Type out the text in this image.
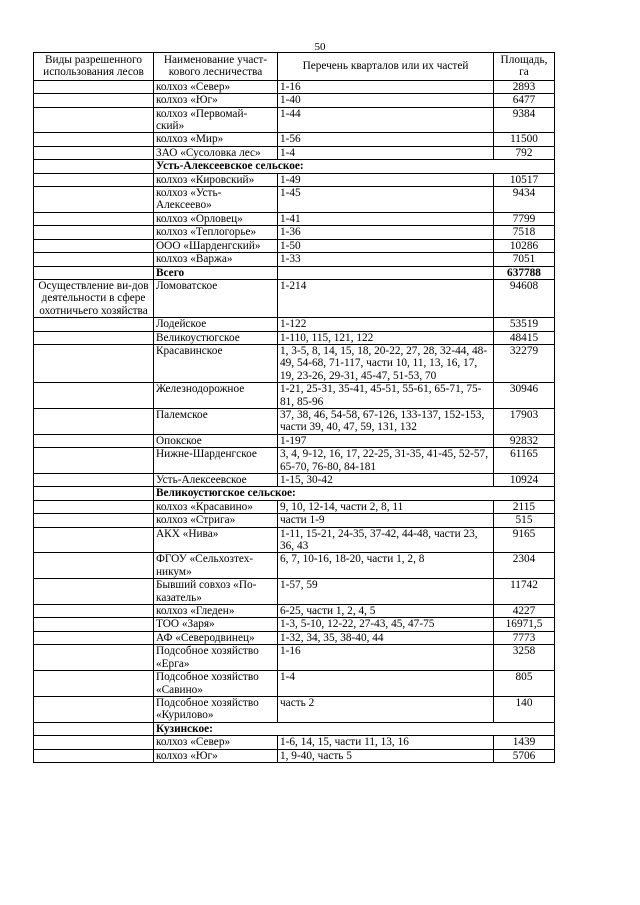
50
Виды разрешенного использования лесов	Наименование участ-кового лесничества	Перечень кварталов или их частей	Площадь, га
	колхоз «Север»	1-16	2893
	колхоз «Юг»	1-40	6477
	колхоз «Первомай-ский»	1-44	9384
	колхоз «Мир»	1-56	11500
	ЗАО «Сусоловка лес»	1-4	792
	Усть-Алексеевское сельское:		
	колхоз «Кировский»	1-49	10517
	колхоз «Усть-Алексеево»	1-45	9434
	колхоз «Орловец»	1-41	7799
	колхоз «Теплогорье»	1-36	7518
	ООО «Шарденгский»	1-50	10286
	колхоз «Варжа»	1-33	7051
	Всего		637788
Осуществление ви-дов деятельности в сфере охотничьего хозяйства	Ломоватское	1-214	94608
	Лодейское	1-122	53519
	Великоустюгское	1-110, 115, 121, 122	48415
	Красавинское	1, 3-5, 8, 14, 15, 18, 20-22, 27, 28, 32-44, 48-49, 54-68, 71-117, части 10, 11, 13, 16, 17, 19, 23-26, 29-31, 45-47, 51-53, 70	32279
	Железнодорожное	1-21, 25-31, 35-41, 45-51, 55-61, 65-71, 75-81, 85-96	30946
	Палемское	37, 38, 46, 54-58, 67-126, 133-137, 152-153, части 39, 40, 47, 59, 131, 132	17903
	Опокское	1-197	92832
	Нижне-Шарденгское	3, 4, 9-12, 16, 17, 22-25, 31-35, 41-45, 52-57, 65-70, 76-80, 84-181	61165
	Усть-Алексеевское	1-15, 30-42	10924
	Великоустюгское сельское:		
	колхоз «Красавино»	9, 10, 12-14, части 2, 8, 11	2115
	колхоз «Стрига»	части 1-9	515
	АКХ «Нива»	1-11, 15-21, 24-35, 37-42, 44-48, части 23, 36, 43	9165
	ФГОУ «Сельхозтех-никум»	6, 7, 10-16, 18-20, части 1, 2, 8	2304
	Бывший совхоз «По-казатель»	1-57, 59	11742
	колхоз «Гледен»	6-25, части 1, 2, 4, 5	4227
	ТОО «Заря»	1-3, 5-10, 12-22, 27-43, 45, 47-75	16971,5
	АФ «Северодвинец»	1-32, 34, 35, 38-40, 44	7773
	Подсобное хозяйство «Ерга»	1-16	3258
	Подсобное хозяйство «Савино»	1-4	805
	Подсобное хозяйство «Курилово»	часть 2	140
	Кузинское:		
	колхоз «Север»	1-6, 14, 15, части 11, 13, 16	1439
	колхоз «Юг»	1, 9-40, часть 5	5706
